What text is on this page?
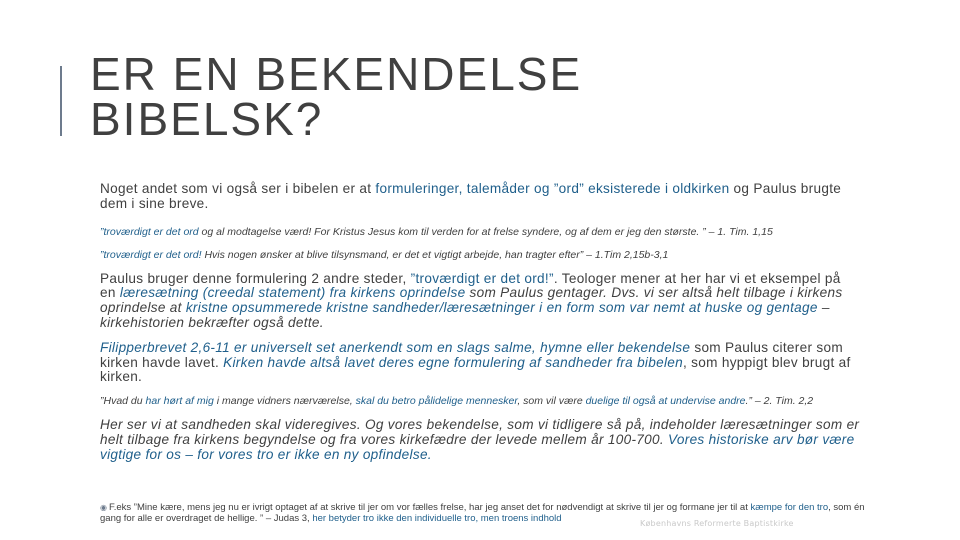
ER EN BEKENDELSE
BIBELSK?

Noget andet som vi også ser i bibelen er at formuleringer, talemåder og ”ord” eksisterede i oldkirken og Paulus brugte dem i sine breve.

”troværdigt er det ord og al modtagelse værd! For Kristus Jesus kom til verden for at frelse syndere, og af dem er jeg den største. ” – 1. Tim. 1,15

”troværdigt er det ord! Hvis nogen ønsker at blive tilsynsmand, er det et vigtigt arbejde, han tragter efter” – 1.Tim 2,15b-3,1

Paulus bruger denne formulering 2 andre steder, ”troværdigt er det ord!”. Teologer mener at her har vi et eksempel på en læresætning (creedal statement) fra kirkens oprindelse som Paulus gentager. Dvs. vi ser altså helt tilbage i kirkens oprindelse at kristne opsummerede kristne sandheder/læresætninger i en form som var nemt at huske og gentage – kirkehistorien bekræfter også dette.

Filipperbrevet 2,6-11 er universelt set anerkendt som en slags salme, hymne eller bekendelse som Paulus citerer som kirken havde lavet. Kirken havde altså lavet deres egne formulering af sandheder fra bibelen, som hyppigt blev brugt af kirken.

”Hvad du har hørt af mig i mange vidners nærværelse, skal du betro pålidelige mennesker, som vil være duelige til også at undervise andre.” – 2. Tim. 2,2

Her ser vi at sandheden skal videregives. Og vores bekendelse, som vi tidligere så på, indeholder læresætninger som er helt tilbage fra kirkens begyndelse og fra vores kirkefædre der levede mellem år 100-700. Vores historiske arv bør være vigtige for os – for vores tro er ikke en ny opfindelse.

◉ F.eks ”Mine kære, mens jeg nu er ivrigt optaget af at skrive til jer om vor fælles frelse, har jeg anset det for nødvendigt at skrive til jer og formane jer til at kæmpe for den tro, som én gang for alle er overdraget de hellige. ” – Judas 3, her betyder tro ikke den individuelle tro, men troens indhold	Københavns Reformerte Baptistkirke
